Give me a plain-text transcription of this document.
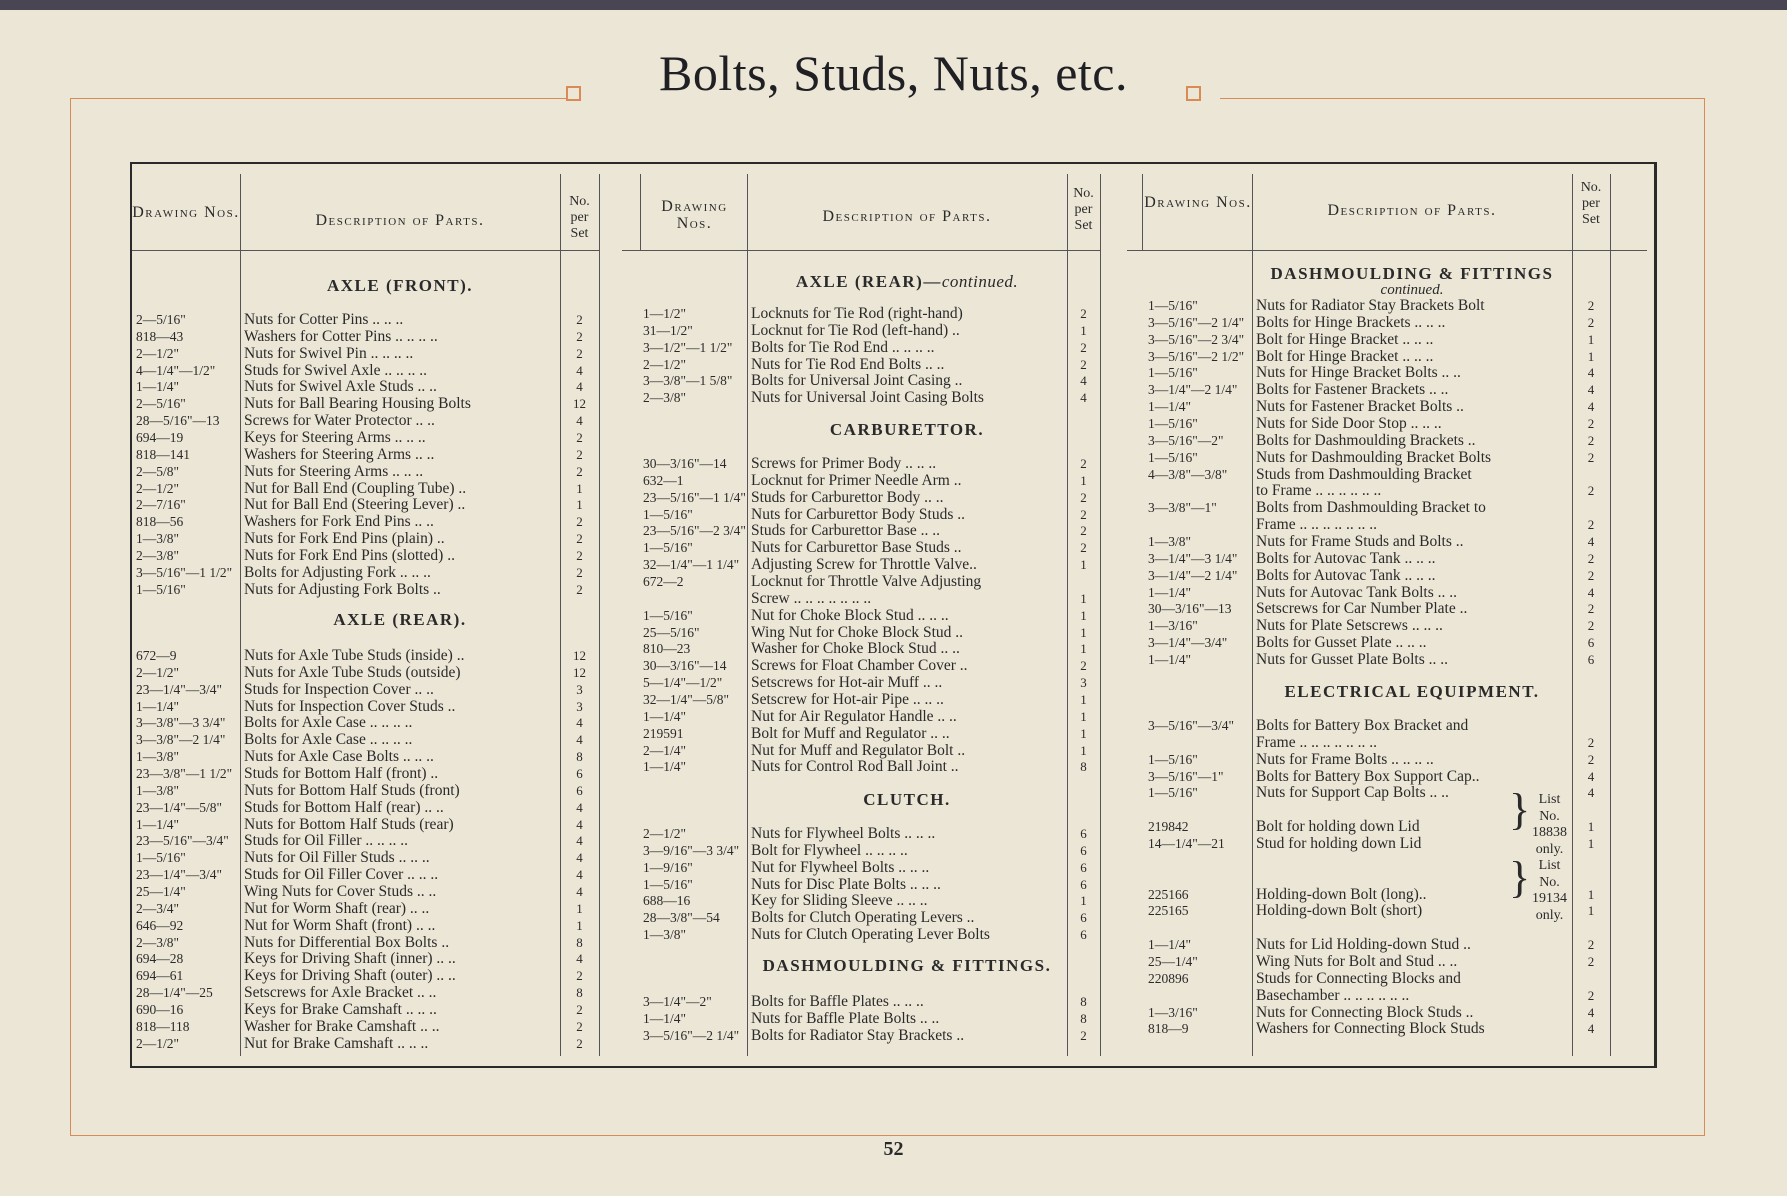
Bolts, Studs, Nuts, etc.
Drawing Nos.	Description of Parts.
No. per Set
Drawing Nos.	Description of Parts.
No. per Set
Drawing Nos.	Description of Parts.
No. per Set
AXLE (FRONT).
2—5/16"	Nuts for Cotter Pins .. .. ..	2
818—43	Washers for Cotter Pins .. .. .. ..	2
2—1/2"	Nuts for Swivel Pin .. .. .. ..	2
4—1/4"—1/2"	Studs for Swivel Axle .. .. .. ..	4
1—1/4"	Nuts for Swivel Axle Studs .. ..	4
2—5/16"	Nuts for Ball Bearing Housing Bolts	12
28—5/16"—13	Screws for Water Protector .. ..	4
694—19	Keys for Steering Arms .. .. ..	2
818—141	Washers for Steering Arms .. ..	2
2—5/8"	Nuts for Steering Arms .. .. ..	2
2—1/2"	Nut for Ball End (Coupling Tube) ..	1
2—7/16"	Nut for Ball End (Steering Lever) ..	1
818—56	Washers for Fork End Pins .. ..	2
1—3/8"	Nuts for Fork End Pins (plain) ..	2
2—3/8"	Nuts for Fork End Pins (slotted) ..	2
3—5/16"—1 1/2" Bolts for Adjusting Fork .. .. ..	2
1—5/16"	Nuts for Adjusting Fork Bolts ..	2
AXLE (REAR).
672—9	Nuts for Axle Tube Studs (inside) ..	12
2—1/2"	Nuts for Axle Tube Studs (outside)	12
23—1/4"—3/4"	Studs for Inspection Cover .. ..	3
1—1/4"	Nuts for Inspection Cover Studs ..	3
3—3/8"—3 3/4"	Bolts for Axle Case .. .. .. ..	4
3—3/8"—2 1/4"	Bolts for Axle Case .. .. .. ..	4
1—3/8"	Nuts for Axle Case Bolts .. .. ..	8
23—3/8"—1 1/2" Studs for Bottom Half (front) ..	6
1—3/8"	Nuts for Bottom Half Studs (front)	6
23—1/4"—5/8"	Studs for Bottom Half (rear) .. ..	4
1—1/4"	Nuts for Bottom Half Studs (rear)	4
23—5/16"—3/4" Studs for Oil Filler .. .. .. ..	4
1—5/16"	Nuts for Oil Filler Studs .. .. ..	4
23—1/4"—3/4"	Studs for Oil Filler Cover .. .. ..	4
25—1/4"	Wing Nuts for Cover Studs .. ..	4
2—3/4"	Nut for Worm Shaft (rear) .. ..	1
646—92	Nut for Worm Shaft (front) .. ..	1
2—3/8"	Nuts for Differential Box Bolts ..	8
694—28	Keys for Driving Shaft (inner) .. ..	4
694—61	Keys for Driving Shaft (outer) .. ..	2
28—1/4"—25	Setscrews for Axle Bracket .. ..	8
690—16	Keys for Brake Camshaft .. .. ..	2
818—118	Washer for Brake Camshaft .. ..	2
2—1/2"	Nut for Brake Camshaft .. .. ..	2
AXLE (REAR)—continued.
1—1/2"	Locknuts for Tie Rod (right-hand)	2
31—1/2"	Locknut for Tie Rod (left-hand) ..	1
3—1/2"—1 1/2"	Bolts for Tie Rod End .. .. .. ..	2
2—1/2"	Nuts for Tie Rod End Bolts .. ..	2
3—3/8"—1 5/8"	Bolts for Universal Joint Casing ..	4
2—3/8"	Nuts for Universal Joint Casing Bolts	4
CARBURETTOR.
30—3/16"—14	Screws for Primer Body .. .. ..	2
632—1	Locknut for Primer Needle Arm ..	1
23—5/16"—1 1/4" Studs for Carburettor Body .. ..	2
1—5/16"	Nuts for Carburettor Body Studs ..	2
23—5/16"—2 3/4" Studs for Carburettor Base .. ..	2
1—5/16"	Nuts for Carburettor Base Studs ..	2
32—1/4"—1 1/4" Adjusting Screw for Throttle Valve..	1
672—2	Locknut for Throttle Valve Adjusting
Screw .. .. .. .. .. .. ..	1
1—5/16"	Nut for Choke Block Stud .. .. ..	1
25—5/16"	Wing Nut for Choke Block Stud ..	1
810—23	Washer for Choke Block Stud .. ..	1
30—3/16"—14	Screws for Float Chamber Cover ..	2
5—1/4"—1/2"	Setscrews for Hot-air Muff .. ..	3
32—1/4"—5/8"	Setscrew for Hot-air Pipe .. .. ..	1
1—1/4"	Nut for Air Regulator Handle .. ..	1
219591	Bolt for Muff and Regulator .. ..	1
2—1/4"	Nut for Muff and Regulator Bolt ..	1
1—1/4"	Nuts for Control Rod Ball Joint ..	8
CLUTCH.
2—1/2"	Nuts for Flywheel Bolts .. .. ..	6
3—9/16"—3 3/4" Bolt for Flywheel .. .. .. ..	6
1—9/16"	Nut for Flywheel Bolts .. .. ..	6
1—5/16"	Nuts for Disc Plate Bolts .. .. ..	6
688—16	Key for Sliding Sleeve .. .. ..	1
28—3/8"—54	Bolts for Clutch Operating Levers ..	6
1—3/8"	Nuts for Clutch Operating Lever Bolts	6
DASHMOULDING & FITTINGS.
3—1/4"—2"	Bolts for Baffle Plates .. .. ..	8
1—1/4"	Nuts for Baffle Plate Bolts .. ..	8
3—5/16"—2 1/4" Bolts for Radiator Stay Brackets ..	2
DASHMOULDING & FITTINGS
continued.
1—5/16"	Nuts for Radiator Stay Brackets Bolt	2
3—5/16"—2 1/4" Bolts for Hinge Brackets .. .. ..	2
3—5/16"—2 3/4" Bolt for Hinge Bracket .. .. ..	1
3—5/16"—2 1/2" Bolt for Hinge Bracket .. .. ..	1
1—5/16"	Nuts for Hinge Bracket Bolts .. ..	4
3—1/4"—2 1/4"	Bolts for Fastener Brackets .. ..	4
1—1/4"	Nuts for Fastener Bracket Bolts ..	4
1—5/16"	Nuts for Side Door Stop .. .. ..	2
3—5/16"—2"	Bolts for Dashmoulding Brackets ..	2
1—5/16"	Nuts for Dashmoulding Bracket Bolts	2
4—3/8"—3/8"	Studs from Dashmoulding Bracket
to Frame .. .. .. .. .. ..	2
3—3/8"—1"	Bolts from Dashmoulding Bracket to
Frame .. .. .. .. .. .. ..	2
1—3/8"	Nuts for Frame Studs and Bolts ..	4
3—1/4"—3 1/4"	Bolts for Autovac Tank .. .. ..	2
3—1/4"—2 1/4"	Bolts for Autovac Tank .. .. ..	2
1—1/4"	Nuts for Autovac Tank Bolts .. ..	4
30—3/16"—13	Setscrews for Car Number Plate ..	2
1—3/16"	Nuts for Plate Setscrews .. .. ..	2
3—1/4"—3/4"	Bolts for Gusset Plate .. .. ..	6
1—1/4"	Nuts for Gusset Plate Bolts .. ..	6
ELECTRICAL EQUIPMENT.
3—5/16"—3/4"	Bolts for Battery Box Bracket and
Frame .. .. .. .. .. .. ..	2
1—5/16"	Nuts for Frame Bolts .. .. .. ..	2
3—5/16"—1"	Bolts for Battery Box Support Cap..	4
1—5/16"	Nuts for Support Cap Bolts .. ..	4
219842	Bolt for holding down Lid	1
14—1/4"—21	Stud for holding down Lid	1
225166	Holding-down Bolt (long)..	1
225165	Holding-down Bolt (short)	1
1—1/4"	Nuts for Lid Holding-down Stud ..	2
25—1/4"	Wing Nuts for Bolt and Stud .. ..	2
220896	Studs for Connecting Blocks and
Basechamber .. .. .. .. .. ..	2
1—3/16"	Nuts for Connecting Block Studs ..	4
818—9	Washers for Connecting Block Studs	4
}
}
List
No.
18838
only.
List
No.
19134
only.
52
